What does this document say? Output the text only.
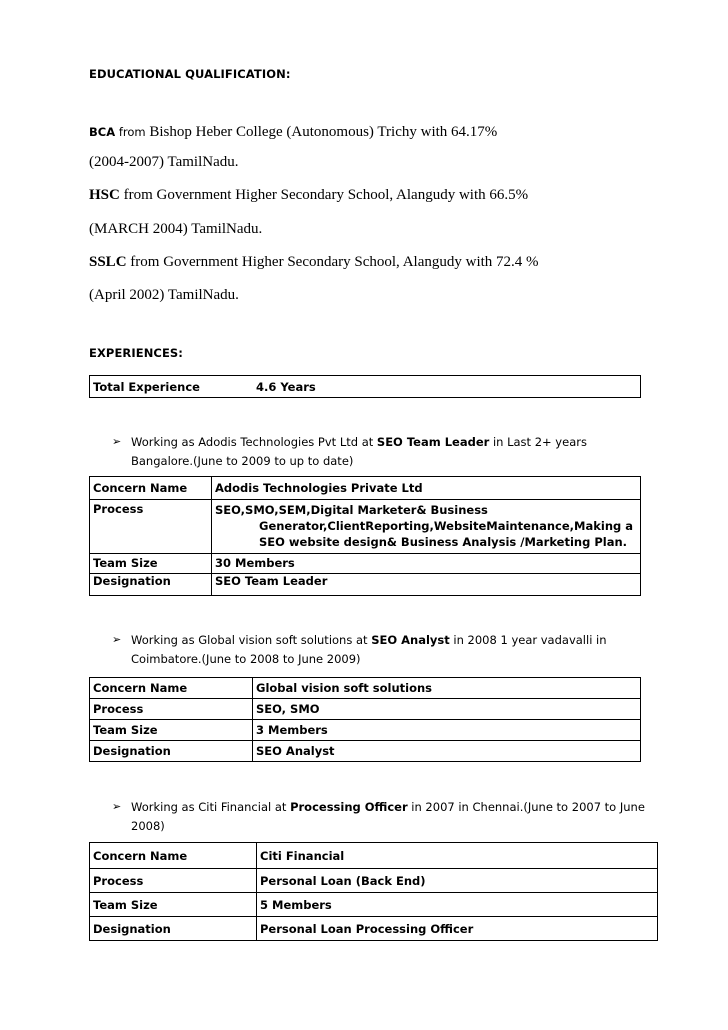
EDUCATIONAL QUALIFICATION:
BCA from Bishop Heber College (Autonomous) Trichy with 64.17%
(2004-2007) TamilNadu.
HSC from Government Higher Secondary School, Alangudy with 66.5%
(MARCH 2004) TamilNadu.
SSLC from Government Higher Secondary School, Alangudy with 72.4 %
(April 2002) TamilNadu.
EXPERIENCES:
Total Experience	4.6 Years
➢ Working as Adodis Technologies Pvt Ltd at SEO Team Leader in Last 2+ years
Bangalore.(June to 2009 to up to date)
Concern Name	Adodis Technologies Private Ltd
Process	SEO,SMO,SEM,Digital Marketer& Business
Generator,ClientReporting,WebsiteMaintenance,Making a
SEO website design& Business Analysis /Marketing Plan.

Team Size	30 Members
Designation	SEO Team Leader
➢ Working as Global vision soft solutions at SEO Analyst in 2008 1 year vadavalli in
Coimbatore.(June to 2008 to June 2009)
Concern Name	Global vision soft solutions
Process	SEO, SMO
Team Size	3 Members
Designation	SEO Analyst
➢ Working as Citi Financial at Processing Officer in 2007 in Chennai.(June to 2007 to June
2008)
Concern Name	Citi Financial
Process	Personal Loan (Back End)
Team Size	5 Members
Designation	Personal Loan Processing Officer
